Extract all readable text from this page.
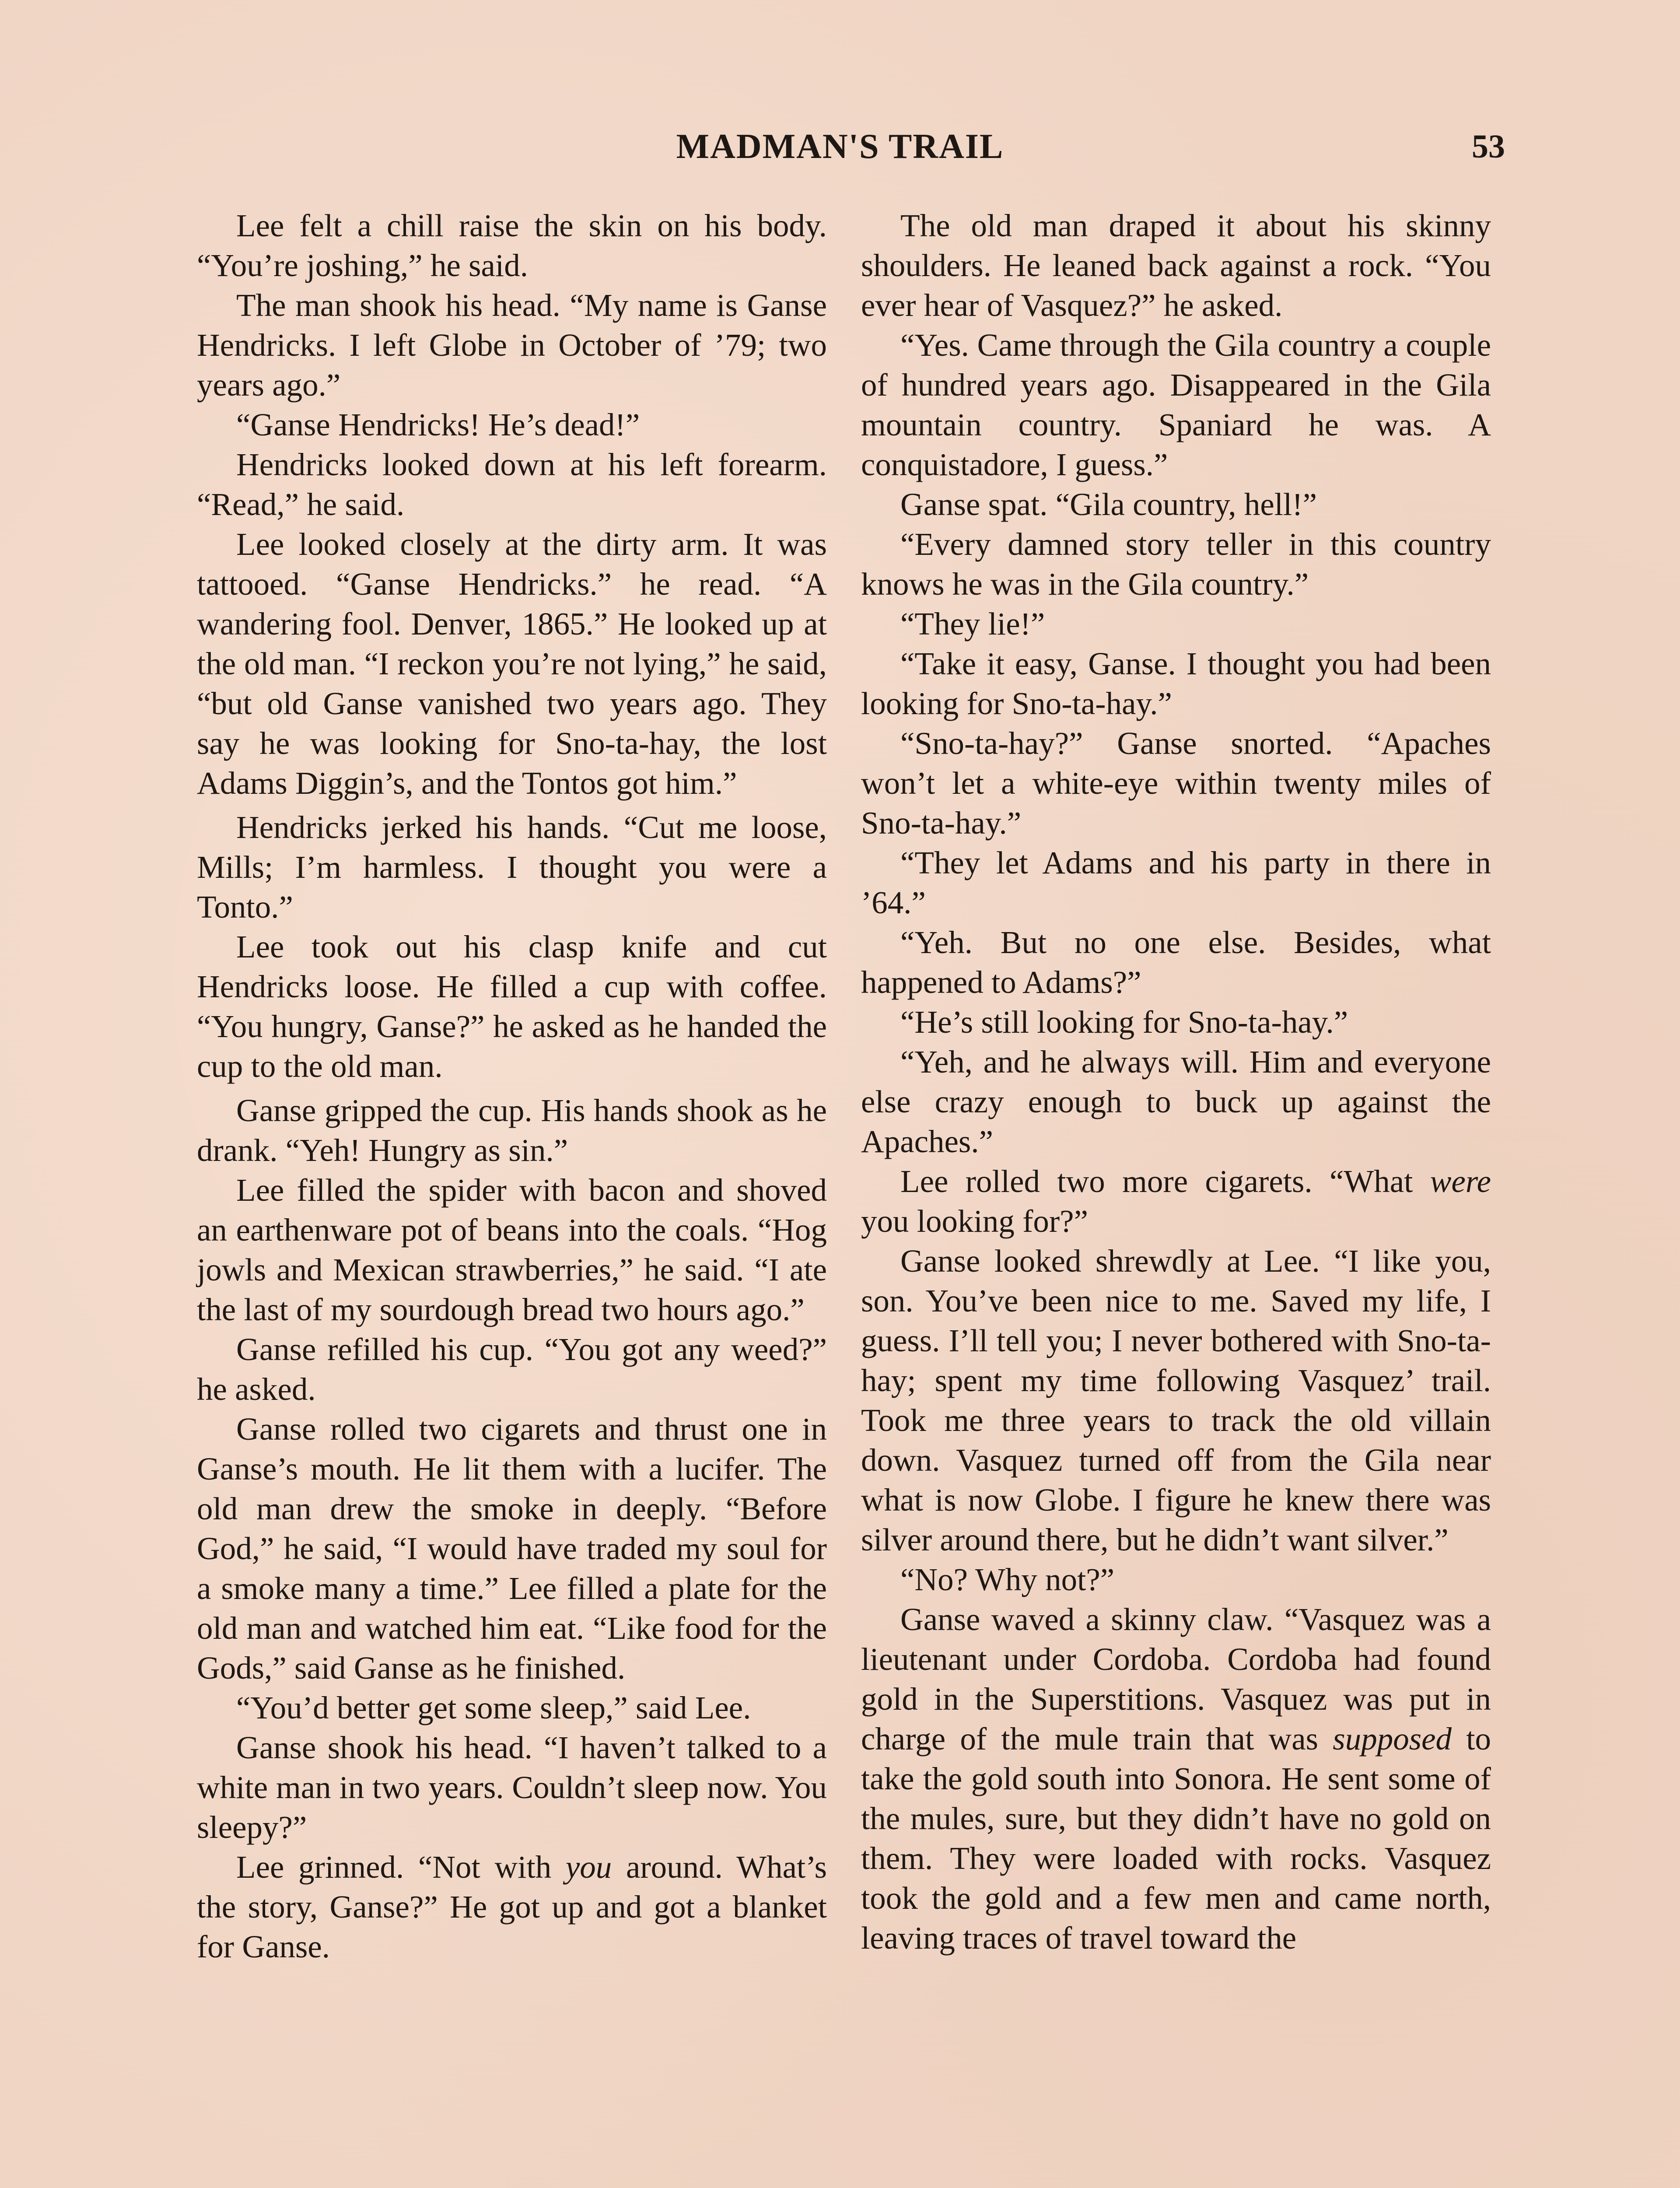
MADMAN'S TRAIL	53

Lee felt a chill raise the skin on his body. “You’re joshing,” he said.

The man shook his head. “My name is Ganse Hendricks. I left Globe in October of ’79; two years ago.”

“Ganse Hendricks! He’s dead!”

Hendricks looked down at his left forearm. “Read,” he said.

Lee looked closely at the dirty arm. It was tattooed. “Ganse Hendricks.” he read. “A wandering fool. Denver, 1865.” He looked up at the old man. “I reckon you’re not lying,” he said, “but old Ganse vanished two years ago. They say he was looking for Sno-ta-hay, the lost Adams Diggin’s, and the Tontos got him.”

Hendricks jerked his hands. “Cut me loose, Mills; I’m harmless. I thought you were a Tonto.”

Lee took out his clasp knife and cut Hendricks loose. He filled a cup with coffee. “You hungry, Ganse?” he asked as he handed the cup to the old man.

Ganse gripped the cup. His hands shook as he drank. “Yeh! Hungry as sin.”

Lee filled the spider with bacon and shoved an earthenware pot of beans into the coals. “Hog jowls and Mexican strawberries,” he said. “I ate the last of my sourdough bread two hours ago.”

Ganse refilled his cup. “You got any weed?” he asked.

Ganse rolled two cigarets and thrust one in Ganse’s mouth. He lit them with a lucifer. The old man drew the smoke in deeply. “Before God,” he said, “I would have traded my soul for a smoke many a time.” Lee filled a plate for the old man and watched him eat. “Like food for the Gods,” said Ganse as he finished.

“You’d better get some sleep,” said Lee.

Ganse shook his head. “I haven’t talked to a white man in two years. Couldn’t sleep now. You sleepy?”

Lee grinned. “Not with you around. What’s the story, Ganse?” He got up and got a blanket for Ganse.

The old man draped it about his skinny shoulders. He leaned back against a rock. “You ever hear of Vasquez?” he asked.

“Yes. Came through the Gila country a couple of hundred years ago. Disappeared in the Gila mountain country. Spaniard he was. A conquistadore, I guess.”

Ganse spat. “Gila country, hell!”

“Every damned story teller in this country knows he was in the Gila country.”

“They lie!”

“Take it easy, Ganse. I thought you had been looking for Sno-ta-hay.”

“Sno-ta-hay?” Ganse snorted. “Apaches won’t let a white-eye within twenty miles of Sno-ta-hay.”

“They let Adams and his party in there in ’64.”

“Yeh. But no one else. Besides, what happened to Adams?”

“He’s still looking for Sno-ta-hay.”

“Yeh, and he always will. Him and everyone else crazy enough to buck up against the Apaches.”

Lee rolled two more cigarets. “What were you looking for?”

Ganse looked shrewdly at Lee. “I like you, son. You’ve been nice to me. Saved my life, I guess. I’ll tell you; I never bothered with Sno-ta-hay; spent my time following Vasquez’ trail. Took me three years to track the old villain down. Vasquez turned off from the Gila near what is now Globe. I figure he knew there was silver around there, but he didn’t want silver.”

“No? Why not?”

Ganse waved a skinny claw. “Vasquez was a lieutenant under Cordoba. Cordoba had found gold in the Superstitions. Vasquez was put in charge of the mule train that was supposed to take the gold south into Sonora. He sent some of the mules, sure, but they didn’t have no gold on them. They were loaded with rocks. Vasquez took the gold and a few men and came north, leaving traces of travel toward the
